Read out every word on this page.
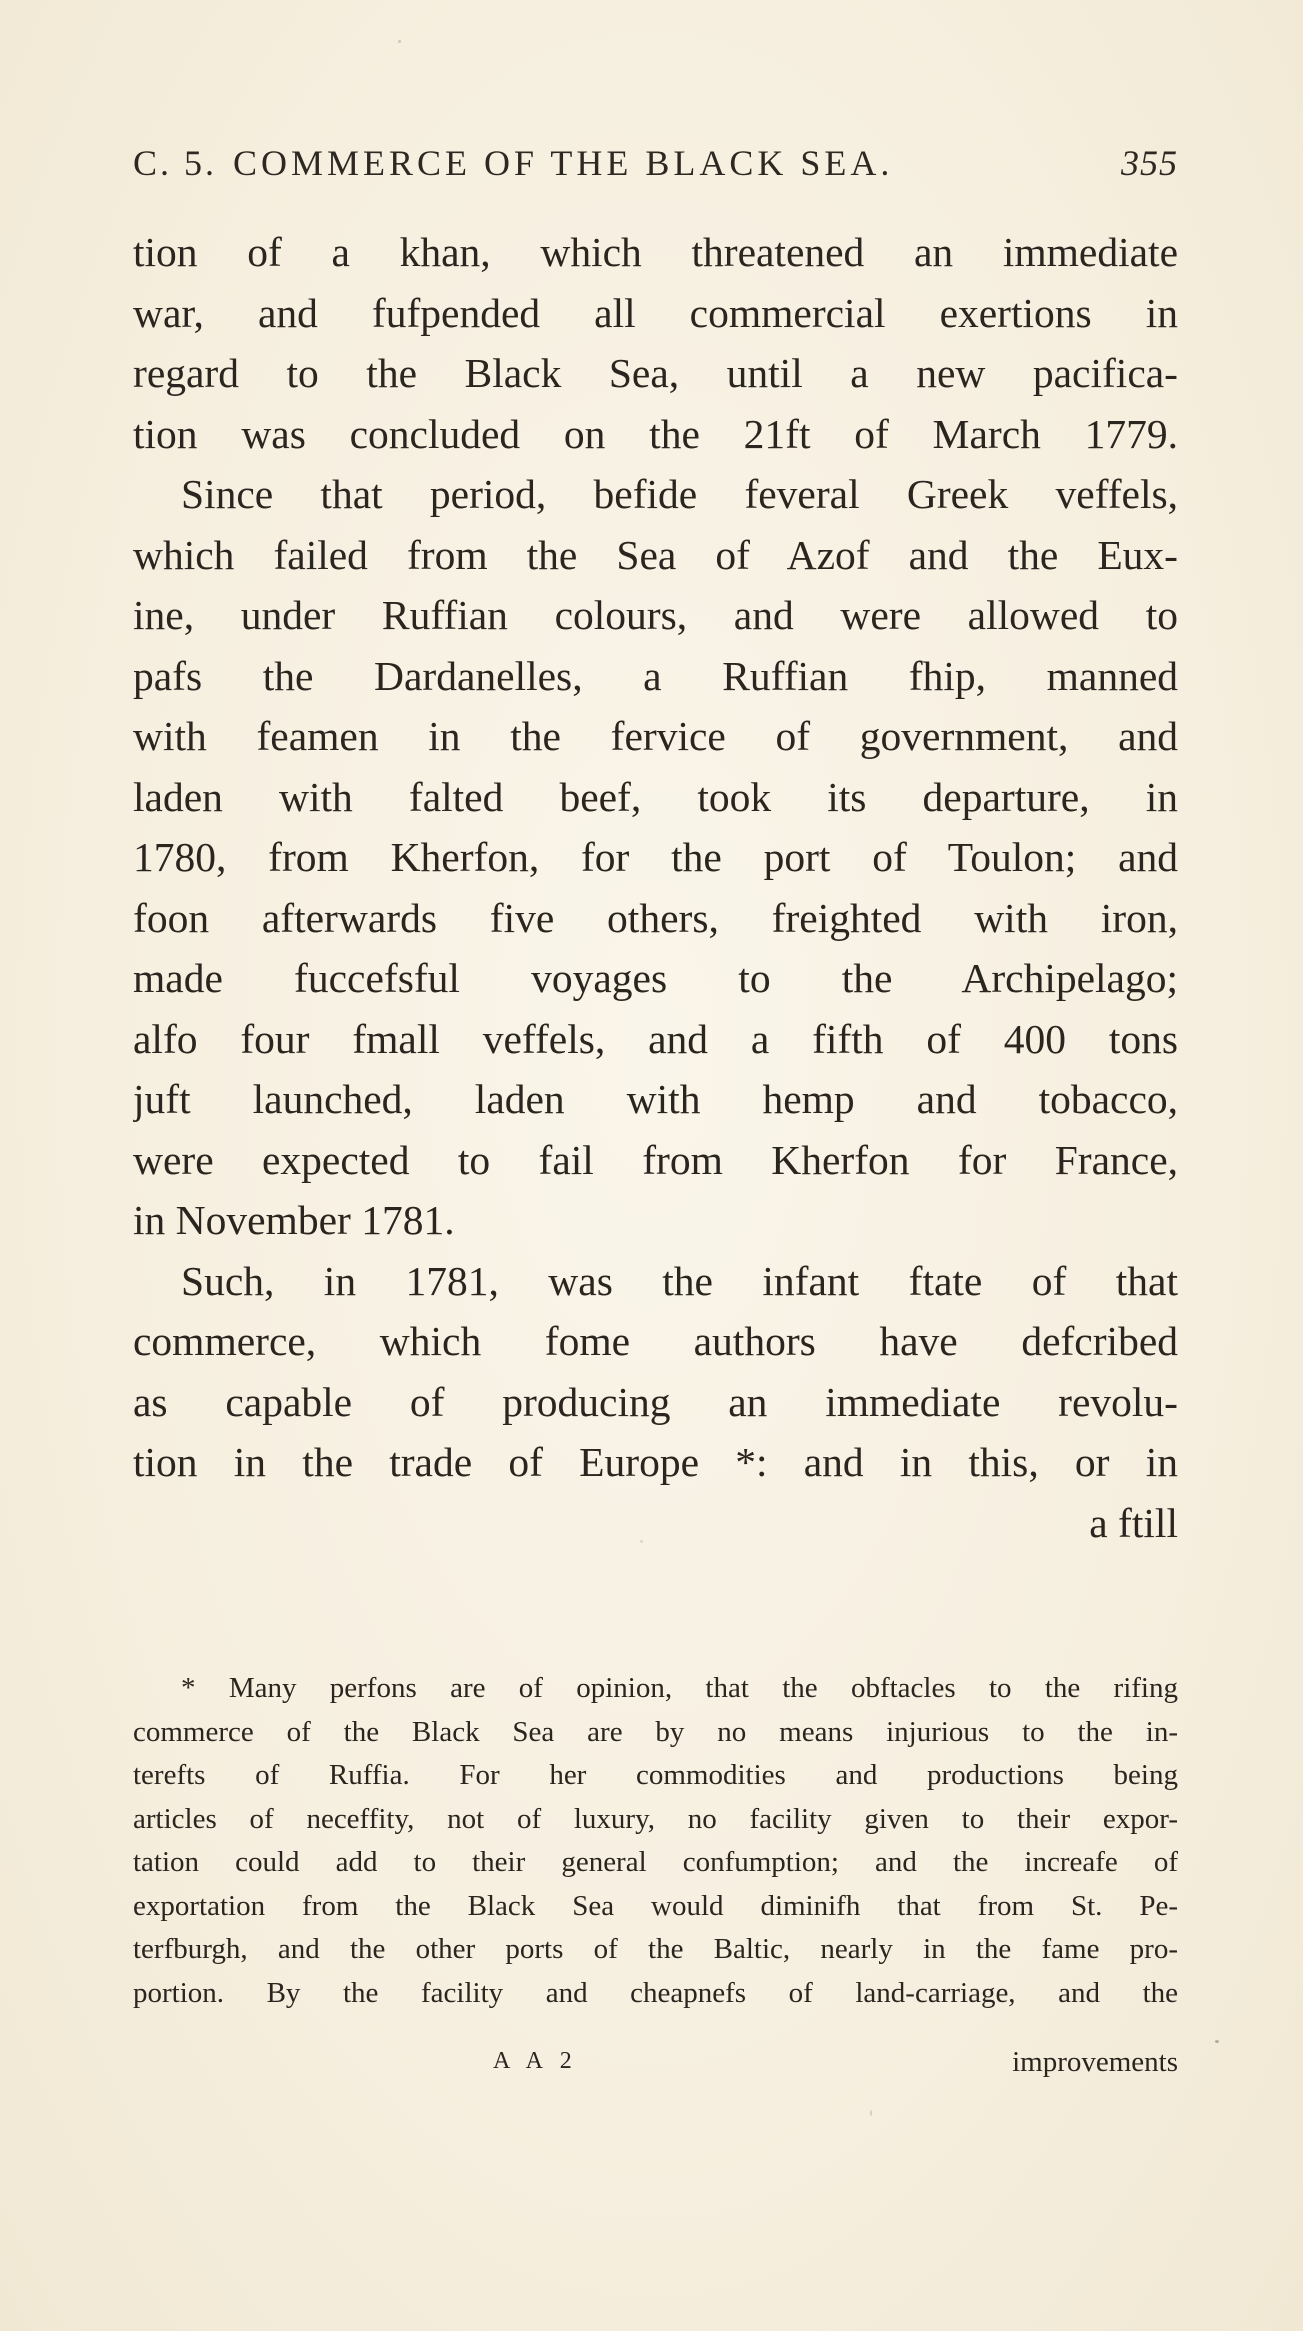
C. 5. COMMERCE OF THE BLACK SEA.	355
tion of a khan, which threatened an immediate
war, and fufpended all commercial exertions in
regard to the Black Sea, until a new pacifica-
tion was concluded on the 21ft of March 1779.
Since that period, befide feveral Greek veffels,
which failed from the Sea of Azof and the Eux-
ine, under Ruffian colours, and were allowed to
pafs the Dardanelles, a Ruffian fhip, manned
with feamen in the fervice of government, and
laden with falted beef, took its departure, in
1780, from Kherfon, for the port of Toulon; and
foon afterwards five others, freighted with iron,
made fuccefsful voyages to the Archipelago;
alfo four fmall veffels, and a fifth of 400 tons
juft launched, laden with hemp and tobacco,
were expected to fail from Kherfon for France,
in November 1781.
Such, in 1781, was the infant ftate of that
commerce, which fome authors have defcribed
as capable of producing an immediate revolu-
tion in the trade of Europe *: and in this, or in
a ftill
* Many perfons are of opinion, that the obftacles to the rifing
commerce of the Black Sea are by no means injurious to the in-
terefts of Ruffia. For her commodities and productions being
articles of neceffity, not of luxury, no facility given to their expor-
tation could add to their general confumption; and the increafe of
exportation from the Black Sea would diminifh that from St. Pe-
terfburgh, and the other ports of the Baltic, nearly in the fame pro-
portion. By the facility and cheapnefs of land-carriage, and the
A A 2	improvements
